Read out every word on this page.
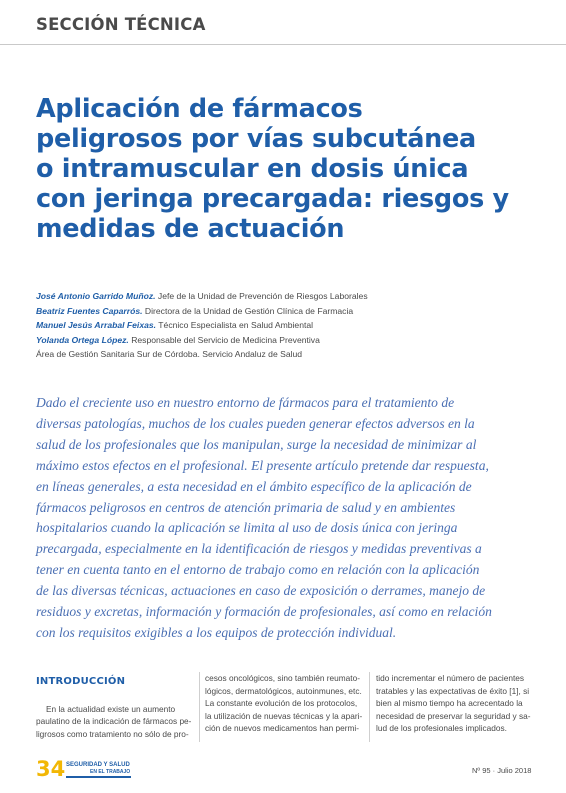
SECCIÓN TÉCNICA
Aplicación de fármacos
peligrosos por vías subcutánea
o intramuscular en dosis única
con jeringa precargada: riesgos y
medidas de actuación
José Antonio Garrido Muñoz. Jefe de la Unidad de Prevención de Riesgos Laborales
Beatriz Fuentes Caparrós. Directora de la Unidad de Gestión Clínica de Farmacia
Manuel Jesús Arrabal Feixas. Técnico Especialista en Salud Ambiental
Yolanda Ortega López. Responsable del Servicio de Medicina Preventiva
Área de Gestión Sanitaria Sur de Córdoba. Servicio Andaluz de Salud
Dado el creciente uso en nuestro entorno de fármacos para el tratamiento de
diversas patologías, muchos de los cuales pueden generar efectos adversos en la
salud de los profesionales que los manipulan, surge la necesidad de minimizar al
máximo estos efectos en el profesional. El presente artículo pretende dar respuesta,
en líneas generales, a esta necesidad en el ámbito específico de la aplicación de
fármacos peligrosos en centros de atención primaria de salud y en ambientes
hospitalarios cuando la aplicación se limita al uso de dosis única con jeringa
precargada, especialmente en la identificación de riesgos y medidas preventivas a
tener en cuenta tanto en el entorno de trabajo como en relación con la aplicación
de las diversas técnicas, actuaciones en caso de exposición o derrames, manejo de
residuos y excretas, información y formación de profesionales, así como en relación
con los requisitos exigibles a los equipos de protección individual.
INTRODUCCIÓN
En la actualidad existe un aumento
paulatino de la indicación de fármacos pe-
ligrosos como tratamiento no sólo de pro-
cesos oncológicos, sino también reumato-
lógicos, dermatológicos, autoinmunes, etc.
La constante evolución de los protocolos,
la utilización de nuevas técnicas y la apari-
ción de nuevos medicamentos han permi-
tido incrementar el número de pacientes
tratables y las expectativas de éxito [1], si
bien al mismo tiempo ha acrecentado la
necesidad de preservar la seguridad y sa-
lud de los profesionales implicados.
34 SEGURIDAD Y SALUD
EN EL TRABAJO	Nº 95 · Julio 2018
